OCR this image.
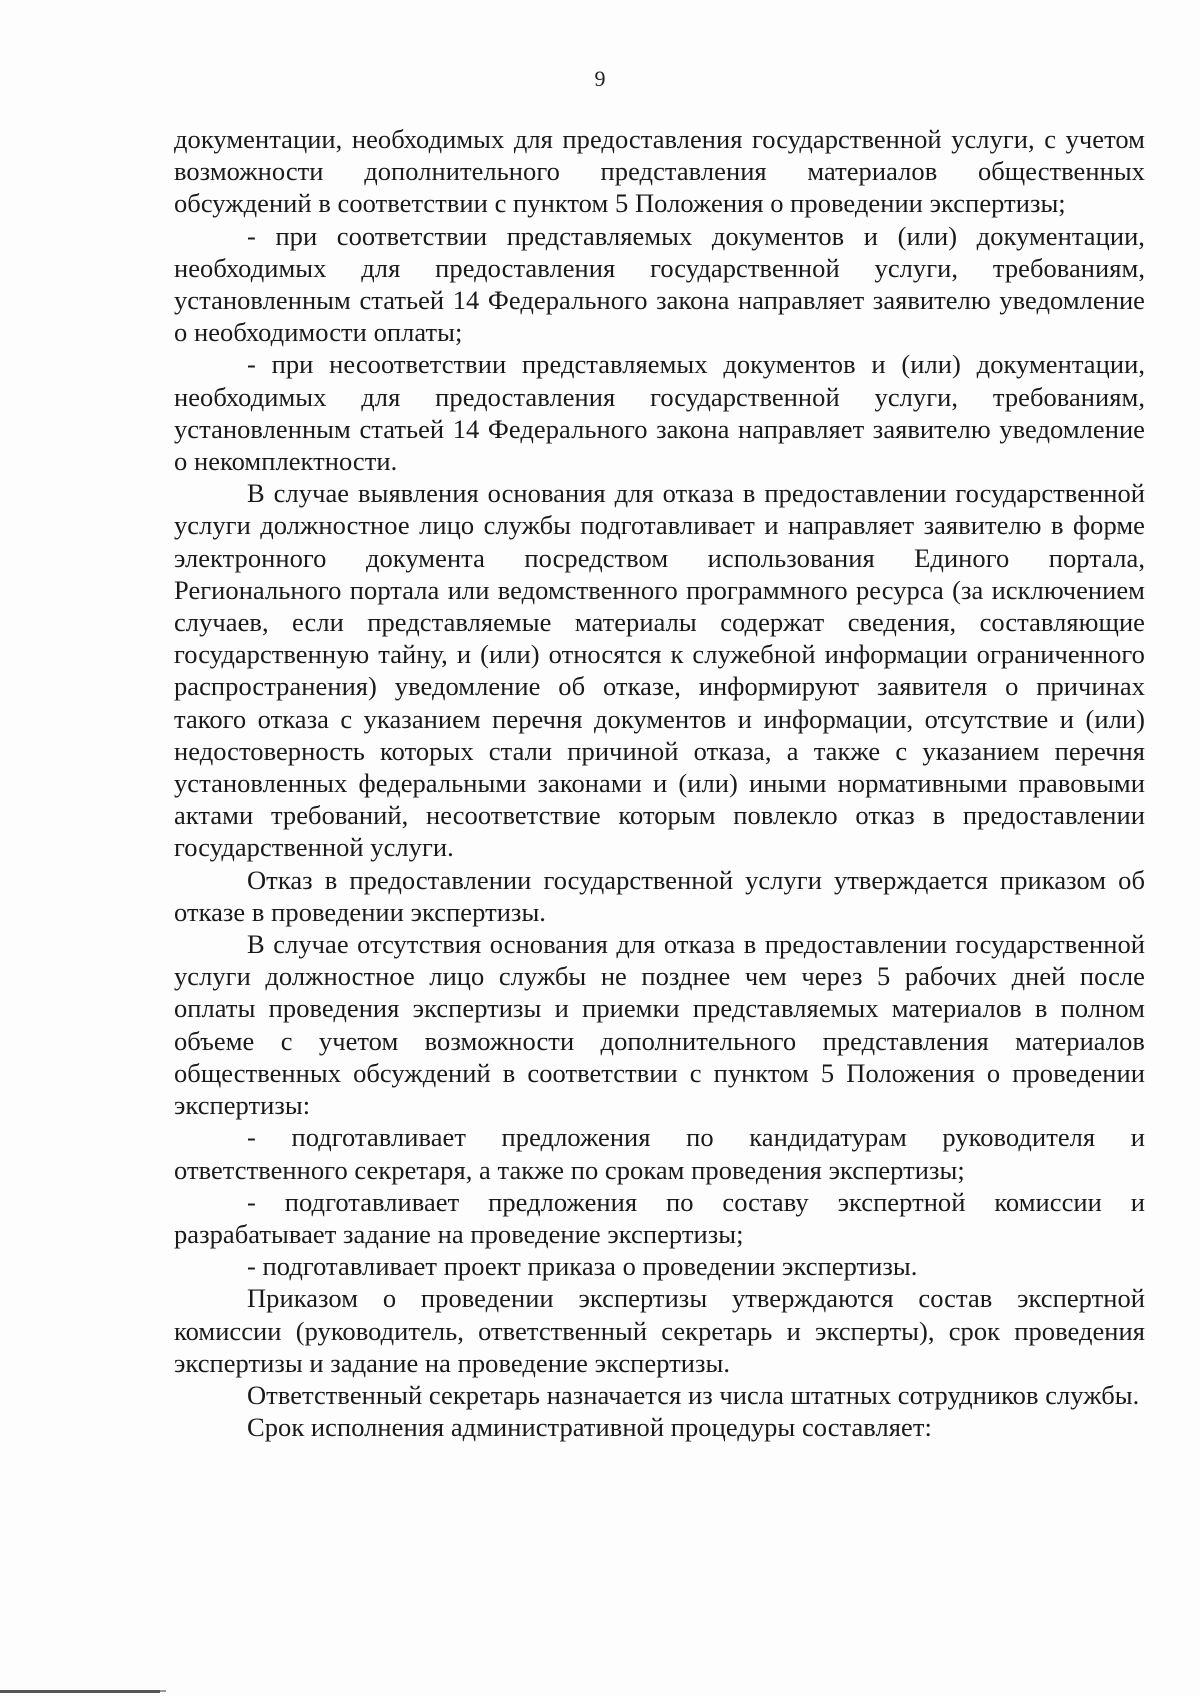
9

документации, необходимых для предоставления государственной услуги, с учетом возможности дополнительного представления материалов общественных обсуждений в соответствии с пунктом 5 Положения о проведении экспертизы;

- при соответствии представляемых документов и (или) документации, необходимых для предоставления государственной услуги, требованиям, установленным статьей 14 Федерального закона направляет заявителю уведомление о необходимости оплаты;

- при несоответствии представляемых документов и (или) документации, необходимых для предоставления государственной услуги, требованиям, установленным статьей 14 Федерального закона направляет заявителю уведомление о некомплектности.

В случае выявления основания для отказа в предоставлении государственной услуги должностное лицо службы подготавливает и направляет заявителю в форме электронного документа посредством использования Единого портала, Регионального портала или ведомственного программного ресурса (за исключением случаев, если представляемые материалы содержат сведения, составляющие государственную тайну, и (или) относятся к служебной информации ограниченного распространения) уведомление об отказе, информируют заявителя о причинах такого отказа с указанием перечня документов и информации, отсутствие и (или) недостоверность которых стали причиной отказа, а также с указанием перечня установленных федеральными законами и (или) иными нормативными правовыми актами требований, несоответствие которым повлекло отказ в предоставлении государственной услуги.

Отказ в предоставлении государственной услуги утверждается приказом об отказе в проведении экспертизы.

В случае отсутствия основания для отказа в предоставлении государственной услуги должностное лицо службы не позднее чем через 5 рабочих дней после оплаты проведения экспертизы и приемки представляемых материалов в полном объеме с учетом возможности дополнительного представления материалов общественных обсуждений в соответствии с пунктом 5 Положения о проведении экспертизы:

- подготавливает предложения по кандидатурам руководителя и ответственного секретаря, а также по срокам проведения экспертизы;

- подготавливает предложения по составу экспертной комиссии и разрабатывает задание на проведение экспертизы;

- подготавливает проект приказа о проведении экспертизы.

Приказом о проведении экспертизы утверждаются состав экспертной комиссии (руководитель, ответственный секретарь и эксперты), срок проведения экспертизы и задание на проведение экспертизы.

Ответственный секретарь назначается из числа штатных сотрудников службы.

Срок исполнения административной процедуры составляет:
